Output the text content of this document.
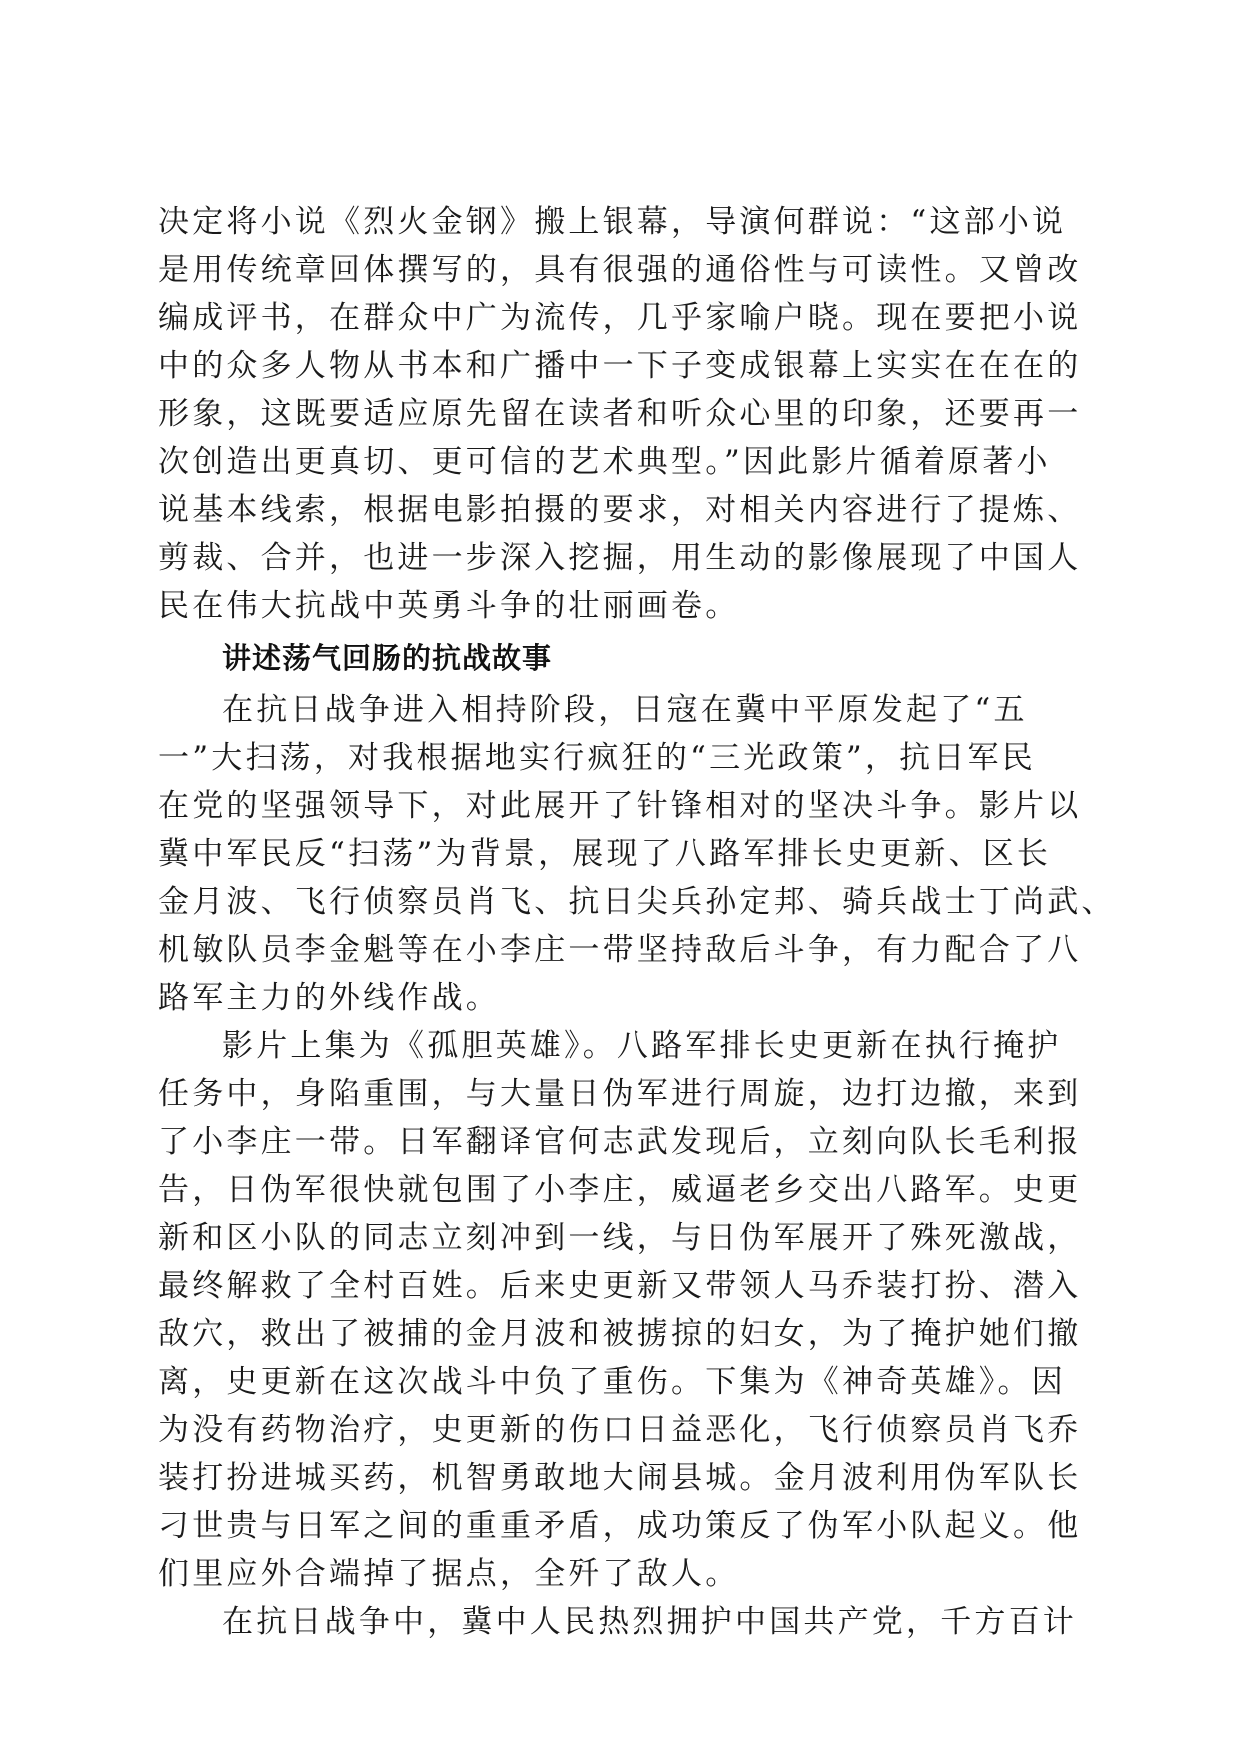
决定将小说《烈火金钢》搬上银幕，导演何群说：“这部小说
是用传统章回体撰写的，具有很强的通俗性与可读性。又曾改
编成评书，在群众中广为流传，几乎家喻户晓。现在要把小说
中的众多人物从书本和广播中一下子变成银幕上实实在在在的
形象，这既要适应原先留在读者和听众心里的印象，还要再一
次创造出更真切、更可信的艺术典型。”因此影片循着原著小
说基本线索，根据电影拍摄的要求，对相关内容进行了提炼、
剪裁、合并，也进一步深入挖掘，用生动的影像展现了中国人
民在伟大抗战中英勇斗争的壮丽画卷。
讲述荡气回肠的抗战故事
在抗日战争进入相持阶段，日寇在冀中平原发起了“五
一”大扫荡，对我根据地实行疯狂的“三光政策”，抗日军民
在党的坚强领导下，对此展开了针锋相对的坚决斗争。影片以
冀中军民反“扫荡”为背景，展现了八路军排长史更新、区长
金月波、飞行侦察员肖飞、抗日尖兵孙定邦、骑兵战士丁尚武、
机敏队员李金魁等在小李庄一带坚持敌后斗争，有力配合了八
路军主力的外线作战。
影片上集为《孤胆英雄》。八路军排长史更新在执行掩护
任务中，身陷重围，与大量日伪军进行周旋，边打边撤，来到
了小李庄一带。日军翻译官何志武发现后，立刻向队长毛利报
告，日伪军很快就包围了小李庄，威逼老乡交出八路军。史更
新和区小队的同志立刻冲到一线，与日伪军展开了殊死激战，
最终解救了全村百姓。后来史更新又带领人马乔装打扮、潜入
敌穴，救出了被捕的金月波和被掳掠的妇女，为了掩护她们撤
离，史更新在这次战斗中负了重伤。下集为《神奇英雄》。因
为没有药物治疗，史更新的伤口日益恶化，飞行侦察员肖飞乔
装打扮进城买药，机智勇敢地大闹县城。金月波利用伪军队长
刁世贵与日军之间的重重矛盾，成功策反了伪军小队起义。他
们里应外合端掉了据点，全歼了敌人。
在抗日战争中，冀中人民热烈拥护中国共产党，千方百计
